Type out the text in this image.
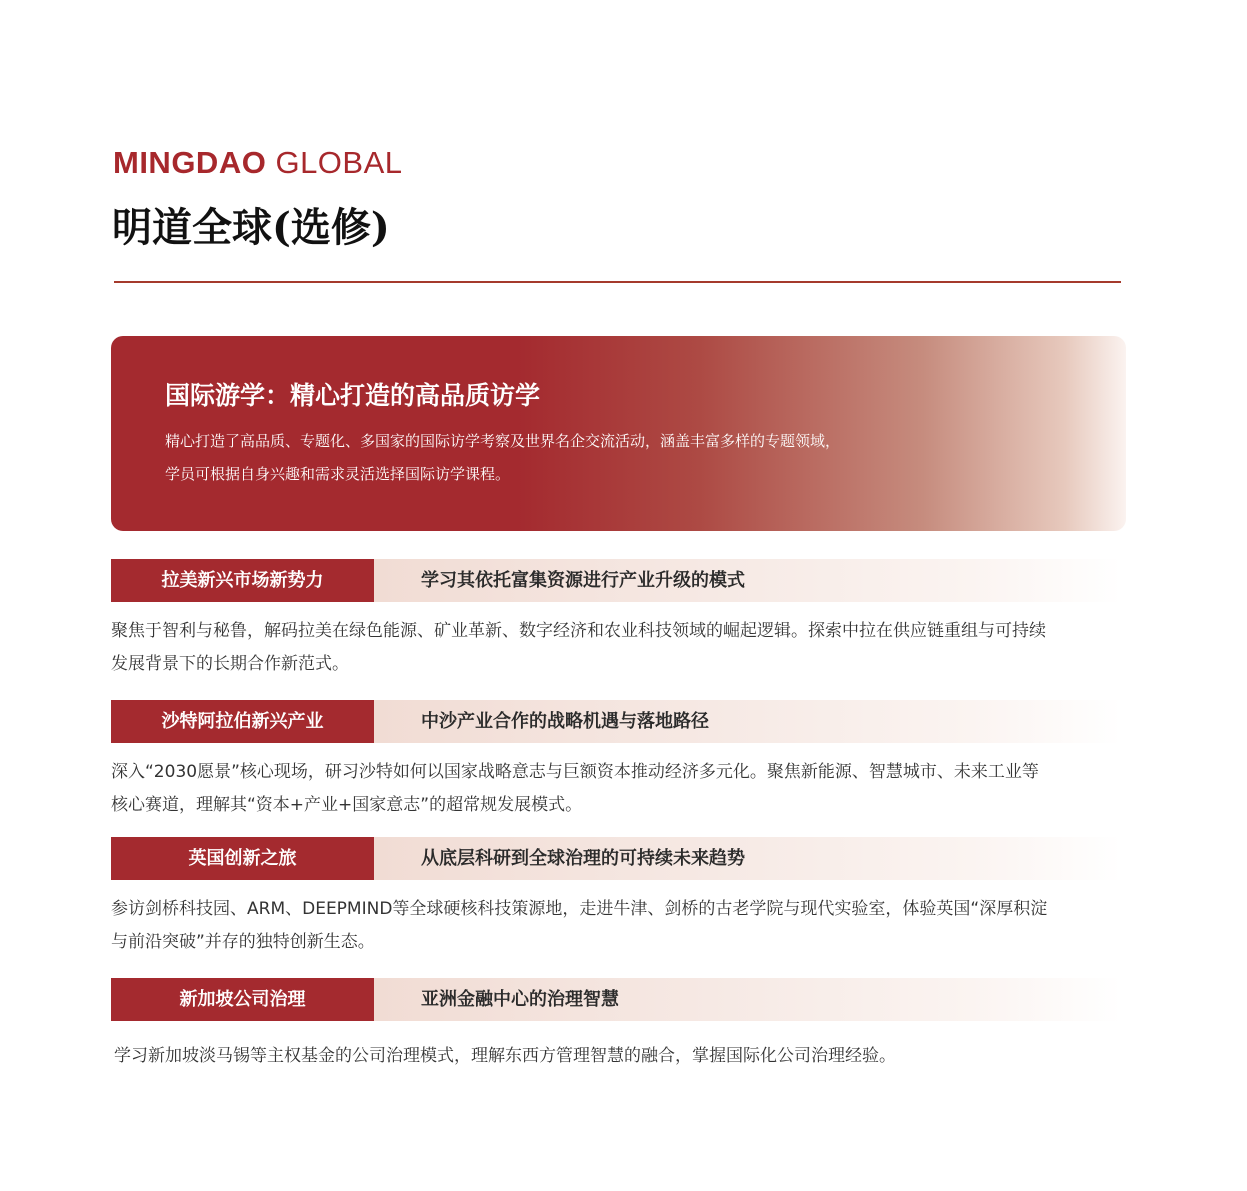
MINGDAO GLOBAL
明道全球(选修)
国际游学：精心打造的高品质访学
精心打造了高品质、专题化、多国家的国际访学考察及世界名企交流活动，涵盖丰富多样的专题领域，
学员可根据自身兴趣和需求灵活选择国际访学课程。
拉美新兴市场新势力	学习其依托富集资源进行产业升级的模式
聚焦于智利与秘鲁，解码拉美在绿色能源、矿业革新、数字经济和农业科技领域的崛起逻辑。探索中拉在供应链重组与可持续
发展背景下的长期合作新范式。
沙特阿拉伯新兴产业	中沙产业合作的战略机遇与落地路径
深入“2030愿景”核心现场，研习沙特如何以国家战略意志与巨额资本推动经济多元化。聚焦新能源、智慧城市、未来工业等
核心赛道，理解其“资本+产业+国家意志”的超常规发展模式。
英国创新之旅	从底层科研到全球治理的可持续未来趋势
参访剑桥科技园、ARM、DEEPMIND等全球硬核科技策源地，走进牛津、剑桥的古老学院与现代实验室，体验英国“深厚积淀
与前沿突破”并存的独特创新生态。
新加坡公司治理	亚洲金融中心的治理智慧
学习新加坡淡马锡等主权基金的公司治理模式，理解东西方管理智慧的融合，掌握国际化公司治理经验。
